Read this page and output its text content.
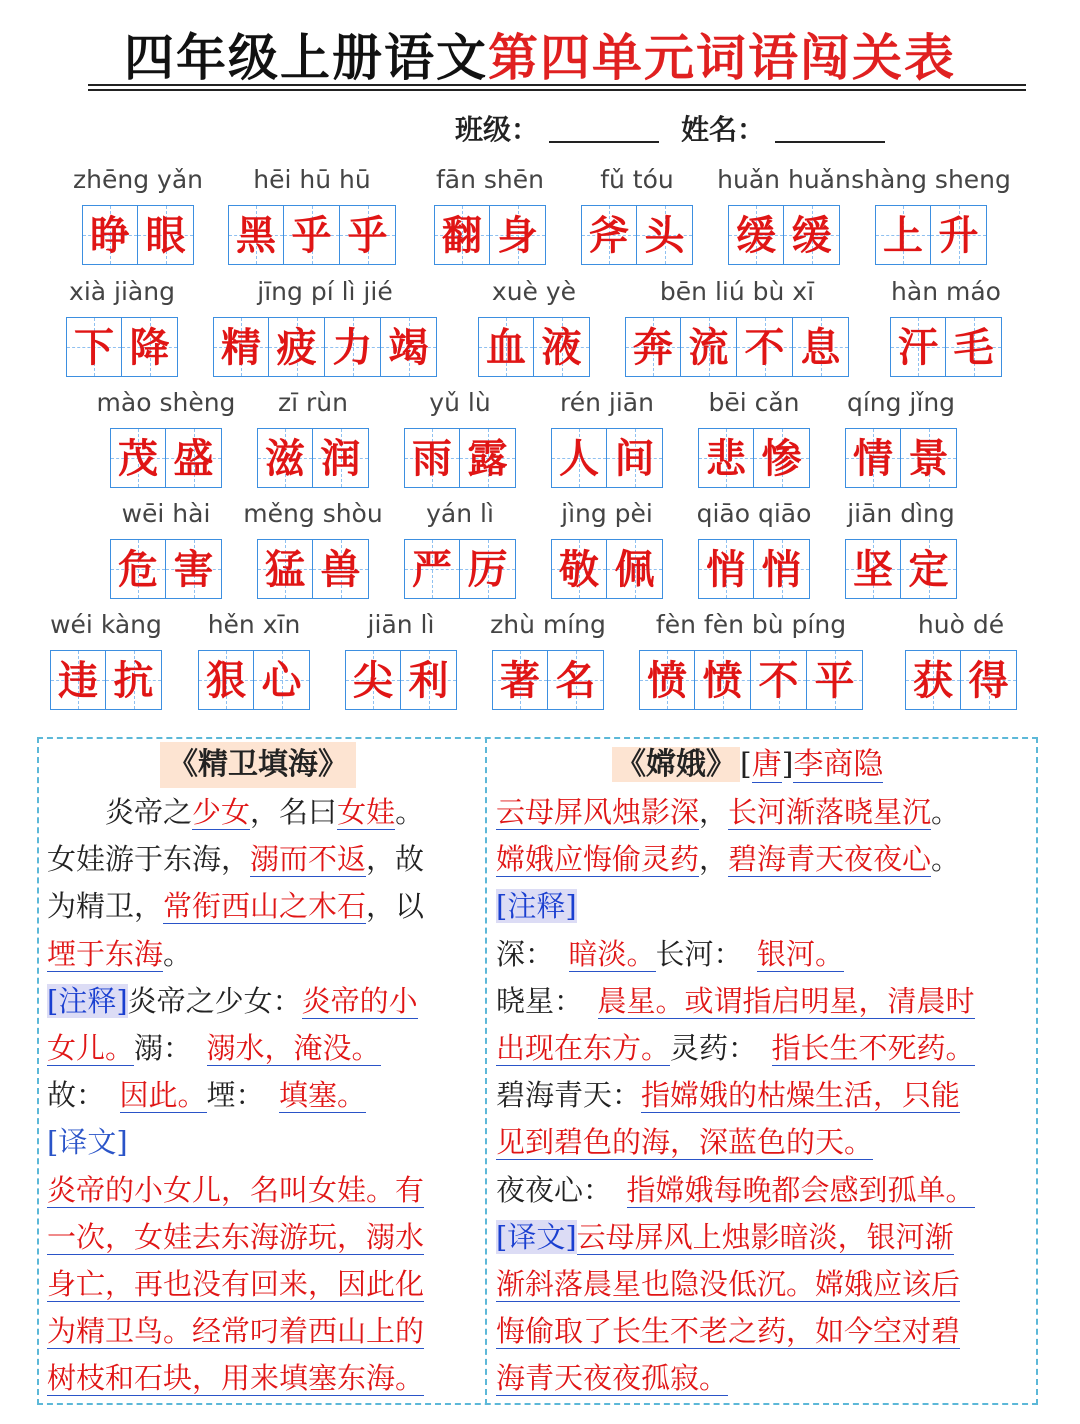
四年级上册语文第四单元词语闯关表
班级：	姓名：
zhēng yǎn
睁 眼
hēi hū hū
黑 乎 乎
fān shēn
翻 身
fǔ tóu
斧 头
huǎn huǎn
缓 缓
shàng sheng
上 升
xià jiàng
下 降
jīng pí lì jié
精 疲 力 竭
xuè yè
血 液
bēn liú bù xī
奔 流 不 息
hàn máo
汗 毛
mào shèng
茂 盛
zī rùn
滋 润
yǔ lù
雨 露
rén jiān
人 间
bēi cǎn
悲 惨
qíng jǐng
情 景
wēi hài
危 害
měng shòu
猛 兽
yán lì
严 厉
jìng pèi
敬 佩
qiāo qiāo
悄 悄
jiān dìng
坚 定
wéi kàng
违 抗
hěn xīn
狠 心
jiān lì
尖 利
zhù míng
著 名
fèn fèn bù píng
愤 愤 不 平
huò dé
获 得
《精卫填海》

　　炎帝之少女，名曰女娃。

女娃游于东海，溺而不返，故

为精卫，常衔西山之木石，以

堙于东海。

[注释]炎帝之少女：炎帝的小

女儿。溺：  溺水，淹没。

故：  因此。堙：  填塞。

[译文]

炎帝的小女儿，名叫女娃。有

一次，女娃去东海游玩，溺水

身亡，再也没有回来，因此化

为精卫鸟。经常叼着西山上的

树枝和石块，用来填塞东海。

《嫦娥》 [唐]李商隐

云母屏风烛影深，长河渐落晓星沉。

嫦娥应悔偷灵药，碧海青天夜夜心。

[注释]

深：  暗淡。长河：  银河。

晓星：  晨星。或谓指启明星，清晨时

出现在东方。灵药：  指长生不死药。

碧海青天：指嫦娥的枯燥生活，只能

见到碧色的海，深蓝色的天。

夜夜心：  指嫦娥每晚都会感到孤单。

[译文]云母屏风上烛影暗淡，银河渐

渐斜落晨星也隐没低沉。嫦娥应该后

悔偷取了长生不老之药，如今空对碧

海青天夜夜孤寂。
